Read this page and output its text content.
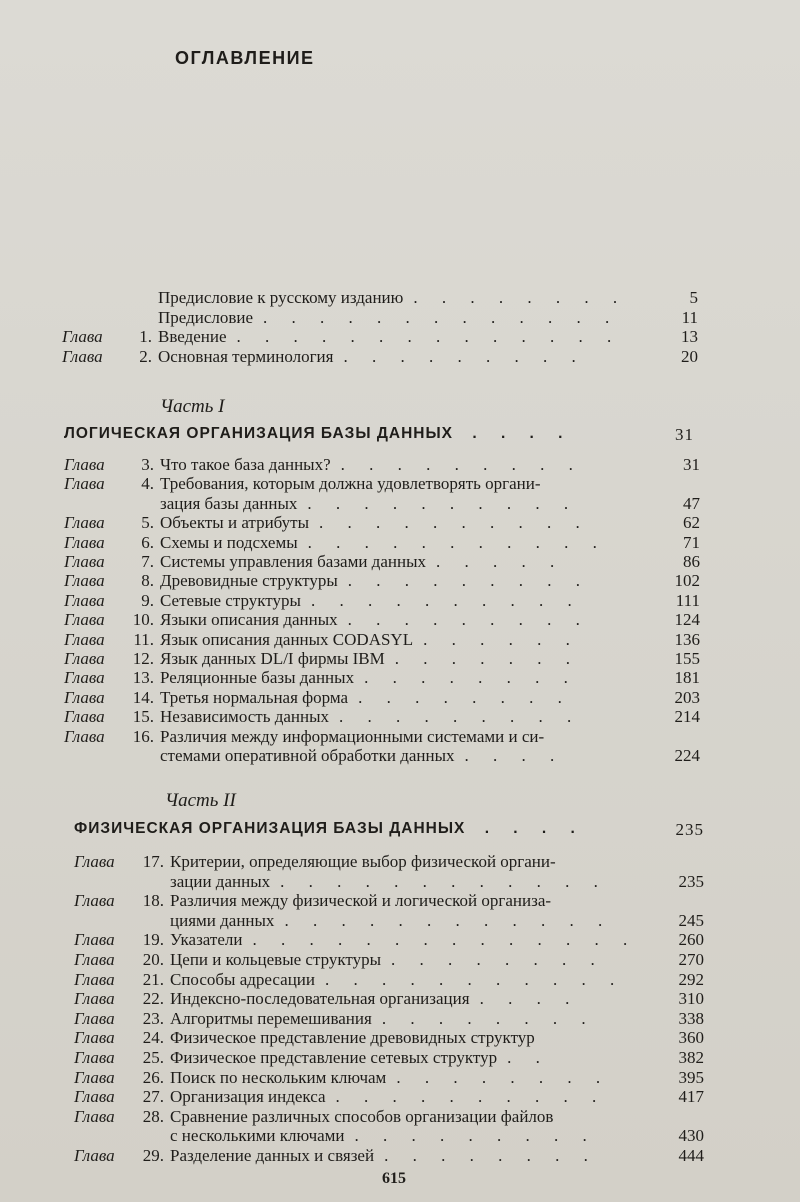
ОГЛАВЛЕНИЕ
Предисловие к русскому изданию . . . . . . . .	5
Предисловие . . . . . . . . . . . . .	11
Глава	1. Введение . . . . . . . . . . . . . .	13
Глава	2. Основная терминология . . . . . . . . .	20
Часть I
ЛОГИЧЕСКАЯ ОРГАНИЗАЦИЯ БАЗЫ ДАННЫХ . . . .	31
Глава	3. Что такое база данных? . . . . . . . . .	31
Глава	4. Требования, которым должна удовлетворять органи-
зация базы данных . . . . . . . . . .	47
Глава	5. Объекты и атрибуты . . . . . . . . . .	62
Глава	6. Схемы и подсхемы . . . . . . . . . . .	71
Глава	7. Системы управления базами данных . . . . .	86
Глава	8. Древовидные структуры . . . . . . . . .	102
Глава	9. Сетевые структуры . . . . . . . . . .	111
Глава	10. Языки описания данных . . . . . . . . .	124
Глава	11. Язык описания данных CODASYL . . . . . .	136
Глава	12. Язык данных DL/I фирмы IBM . . . . . . .	155
Глава	13. Реляционные базы данных . . . . . . . .	181
Глава	14. Третья нормальная форма . . . . . . . .	203
Глава	15. Независимость данных . . . . . . . . .	214
Глава	16. Различия между информационными системами и си-
стемами оперативной обработки данных . . . .	224
Часть II
ФИЗИЧЕСКАЯ ОРГАНИЗАЦИЯ БАЗЫ ДАННЫХ . . . .	235
Глава	17. Критерии, определяющие выбор физической органи-
зации данных . . . . . . . . . . . .	235
Глава	18. Различия между физической и логической организа-
циями данных . . . . . . . . . . . .	245
Глава	19. Указатели . . . . . . . . . . . . . . 260
Глава	20. Цепи и кольцевые структуры . . . . . . . .	270
Глава	21. Способы адресации . . . . . . . . . . .	292
Глава	22. Индексно-последовательная организация . . . .	310
Глава	23. Алгоритмы перемешивания . . . . . . . .	338
Глава	24. Физическое представление древовидных структур	360
Глава	25. Физическое представление сетевых структур . .	382
Глава	26. Поиск по нескольким ключам . . . . . . . .	395
Глава	27. Организация индекса . . . . . . . . . .	417
Глава	28. Сравнение различных способов организации файлов
с несколькими ключами . . . . . . . . .	430
Глава	29. Разделение данных и связей . . . . . . . .	444
615
